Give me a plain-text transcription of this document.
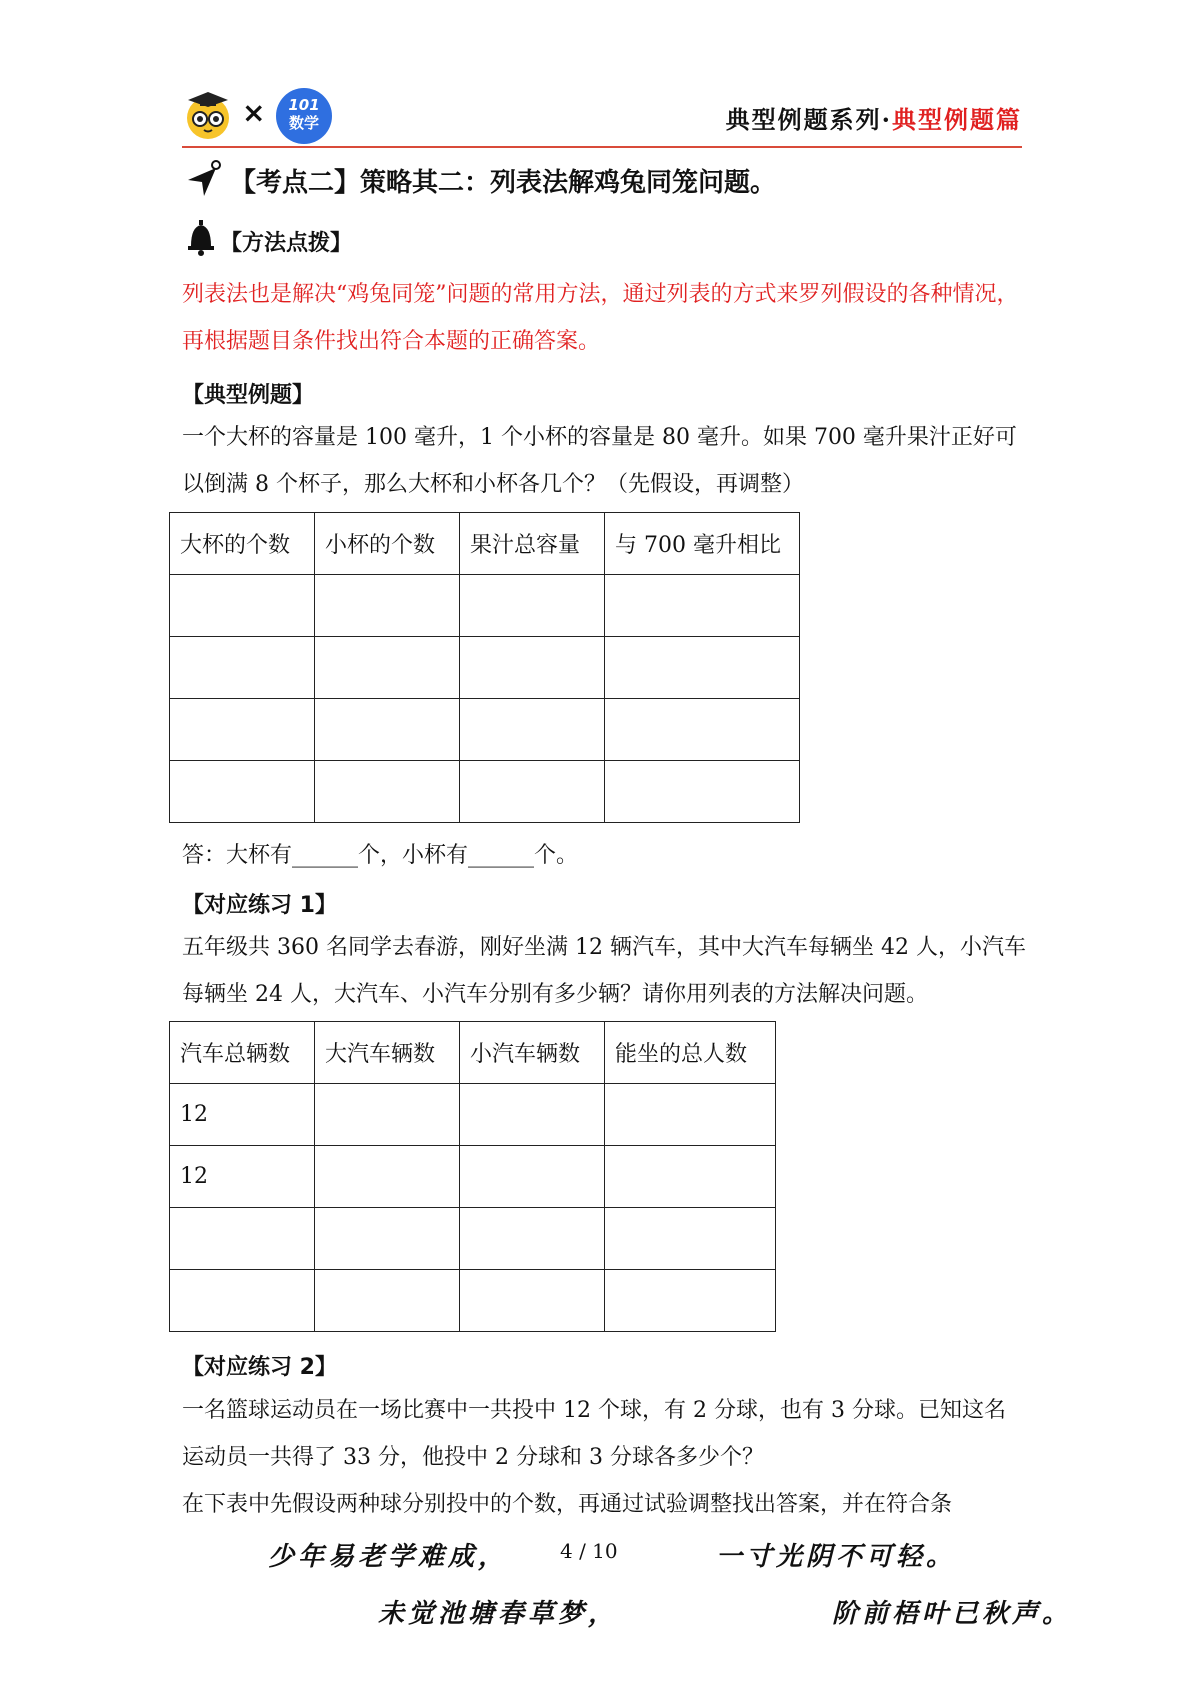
×	101
数学	典型例题系列·典型例题篇
【考点二】策略其二：列表法解鸡兔同笼问题。
【方法点拨】
列表法也是解决“鸡兔同笼”问题的常用方法，通过列表的方式来罗列假设的各种情况，再根据题目条件找出符合本题的正确答案。
【典型例题】
一个大杯的容量是 100 毫升，1 个小杯的容量是 80 毫升。如果 700 毫升果汁正好可以倒满 8 个杯子，那么大杯和小杯各几个？（先假设，再调整）
大杯的个数	小杯的个数	果汁总容量	与 700 毫升相比

答：大杯有______个，小杯有______个。
【对应练习 1】
五年级共 360 名同学去春游，刚好坐满 12 辆汽车，其中大汽车每辆坐 42 人，小汽车每辆坐 24 人，大汽车、小汽车分别有多少辆？请你用列表的方法解决问题。
汽车总辆数	大汽车辆数	小汽车辆数	能坐的总人数
12			
12			

【对应练习 2】
一名篮球运动员在一场比赛中一共投中 12 个球，有 2 分球，也有 3 分球。已知这名运动员一共得了 33 分，他投中 2 分球和 3 分球各多少个？
在下表中先假设两种球分别投中的个数，再通过试验调整找出答案，并在符合条
少年易老学难成，	4 / 10	一寸光阴不可轻。
未觉池塘春草梦，	阶前梧叶已秋声。
